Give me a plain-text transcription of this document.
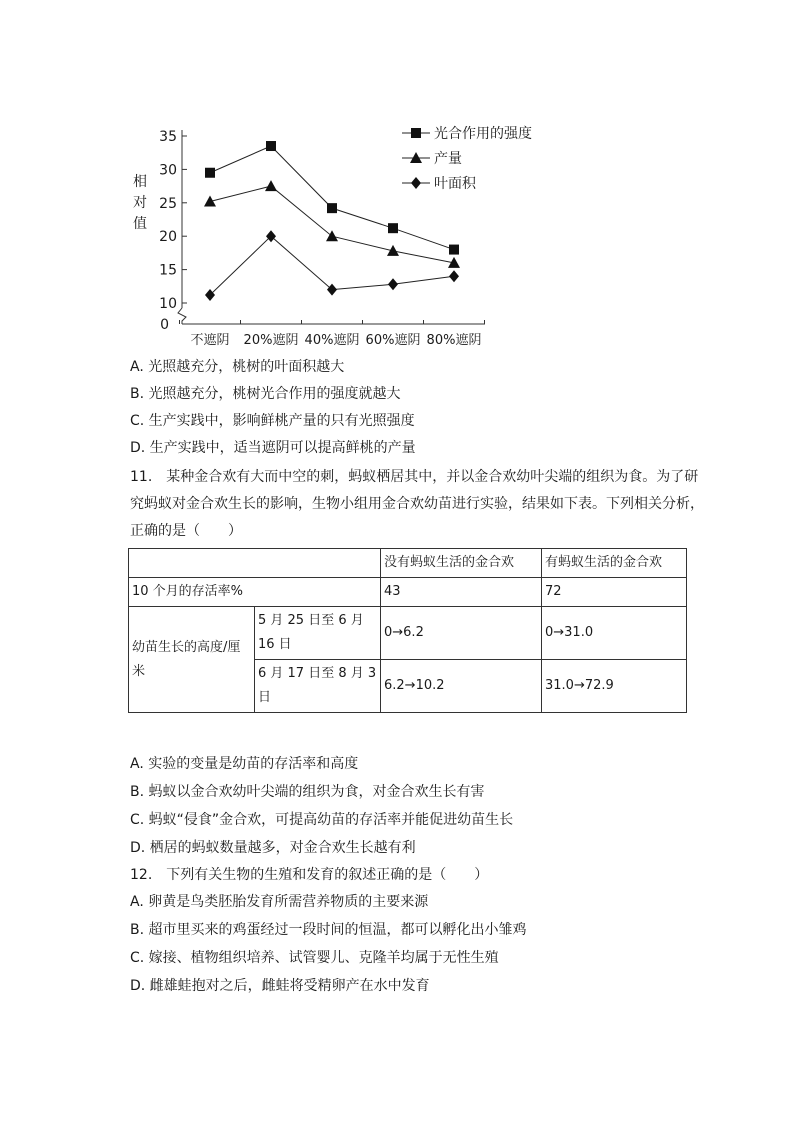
35
30
25
20
15
10
0
相
对
值
不遮阴 20%遮阴 40%遮阴 60%遮阴 80%遮阴
光合作用的强度
产量
叶面积
A. 光照越充分，桃树的叶面积越大
B. 光照越充分，桃树光合作用的强度就越大
C. 生产实践中，影响鲜桃产量的只有光照强度
D. 生产实践中，适当遮阴可以提高鲜桃的产量
11.　某种金合欢有大而中空的刺，蚂蚁栖居其中，并以金合欢幼叶尖端的组织为食。为了研
究蚂蚁对金合欢生长的影响，生物小组用金合欢幼苗进行实验，结果如下表。下列相关分析，
正确的是（　　）
		没有蚂蚁生活的金合欢	有蚂蚁生活的金合欢
10 个月的存活率%		43	72
幼苗生长的高度/厘米	5 月 25 日至 6 月 16 日	0→6.2	0→31.0
	6 月 17 日至 8 月 3 日	6.2→10.2	31.0→72.9
A. 实验的变量是幼苗的存活率和高度
B. 蚂蚁以金合欢幼叶尖端的组织为食，对金合欢生长有害
C. 蚂蚁“侵食”金合欢，可提高幼苗的存活率并能促进幼苗生长
D. 栖居的蚂蚁数量越多，对金合欢生长越有利
12.　下列有关生物的生殖和发育的叙述正确的是（　　）
A. 卵黄是鸟类胚胎发育所需营养物质的主要来源
B. 超市里买来的鸡蛋经过一段时间的恒温，都可以孵化出小雏鸡
C. 嫁接、植物组织培养、试管婴儿、克隆羊均属于无性生殖
D. 雌雄蛙抱对之后，雌蛙将受精卵产在水中发育
